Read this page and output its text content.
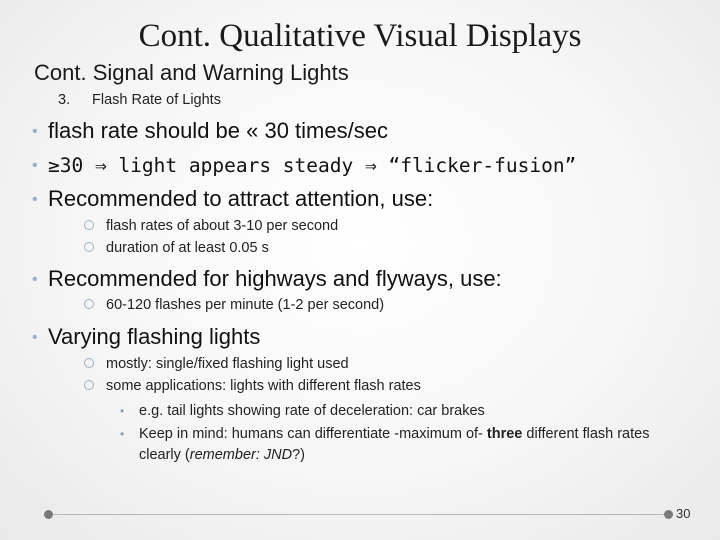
Cont. Qualitative Visual Displays
Cont. Signal and Warning Lights
3. Flash Rate of Lights
• flash rate should be « 30 times/sec
• ≥30 ⇒ light appears steady ⇒ “flicker-fusion”
• Recommended to attract attention, use:
flash rates of about 3-10 per second
duration of at least 0.05 s
• Recommended for highways and flyways, use:
60-120 flashes per minute (1-2 per second)
• Varying flashing lights
mostly: single/fixed flashing light used
some applications: lights with different flash rates
•	e.g. tail lights showing rate of deceleration: car brakes
•	Keep in mind: humans can differentiate -maximum of- three different flash rates clearly (remember: JND?)
30
